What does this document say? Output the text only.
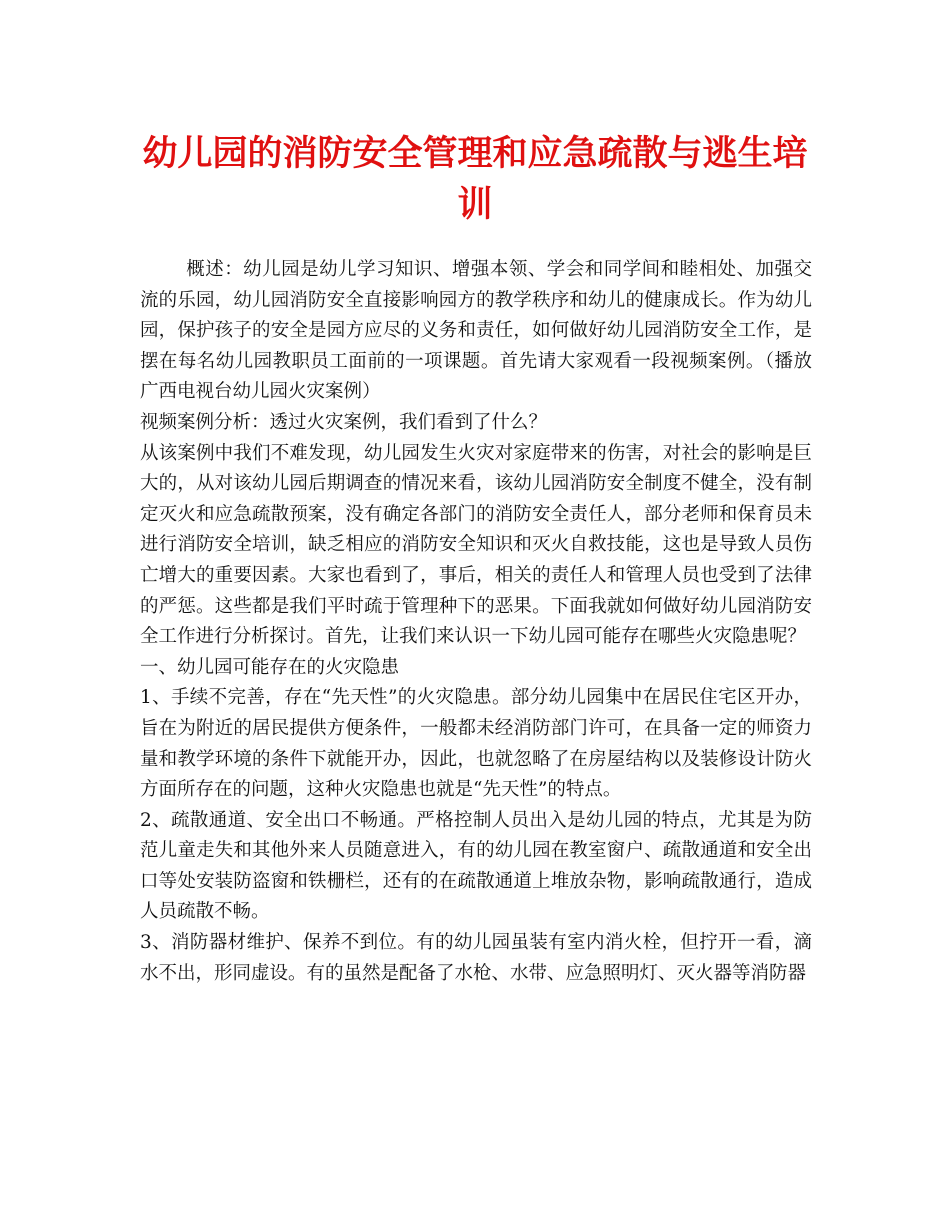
幼儿园的消防安全管理和应急疏散与逃生培训

概述：幼儿园是幼儿学习知识、增强本领、学会和同学间和睦相处、加强交流的乐园，幼儿园消防安全直接影响园方的教学秩序和幼儿的健康成长。作为幼儿园，保护孩子的安全是园方应尽的义务和责任，如何做好幼儿园消防安全工作，是摆在每名幼儿园教职员工面前的一项课题。首先请大家观看一段视频案例。（播放广西电视台幼儿园火灾案例）

视频案例分析：透过火灾案例，我们看到了什么？

从该案例中我们不难发现，幼儿园发生火灾对家庭带来的伤害，对社会的影响是巨大的，从对该幼儿园后期调查的情况来看，该幼儿园消防安全制度不健全，没有制定灭火和应急疏散预案，没有确定各部门的消防安全责任人，部分老师和保育员未进行消防安全培训，缺乏相应的消防安全知识和灭火自救技能，这也是导致人员伤亡增大的重要因素。大家也看到了，事后，相关的责任人和管理人员也受到了法律的严惩。这些都是我们平时疏于管理种下的恶果。下面我就如何做好幼儿园消防安全工作进行分析探讨。首先，让我们来认识一下幼儿园可能存在哪些火灾隐患呢？

一、幼儿园可能存在的火灾隐患

1、手续不完善，存在“先天性”的火灾隐患。部分幼儿园集中在居民住宅区开办，旨在为附近的居民提供方便条件，一般都未经消防部门许可，在具备一定的师资力量和教学环境的条件下就能开办，因此，也就忽略了在房屋结构以及装修设计防火方面所存在的问题，这种火灾隐患也就是“先天性”的特点。

2、疏散通道、安全出口不畅通。严格控制人员出入是幼儿园的特点，尤其是为防范儿童走失和其他外来人员随意进入，有的幼儿园在教室窗户、疏散通道和安全出口等处安装防盗窗和铁栅栏，还有的在疏散通道上堆放杂物，影响疏散通行，造成人员疏散不畅。

3、消防器材维护、保养不到位。有的幼儿园虽装有室内消火栓，但拧开一看，滴水不出，形同虚设。有的虽然是配备了水枪、水带、应急照明灯、灭火器等消防器
